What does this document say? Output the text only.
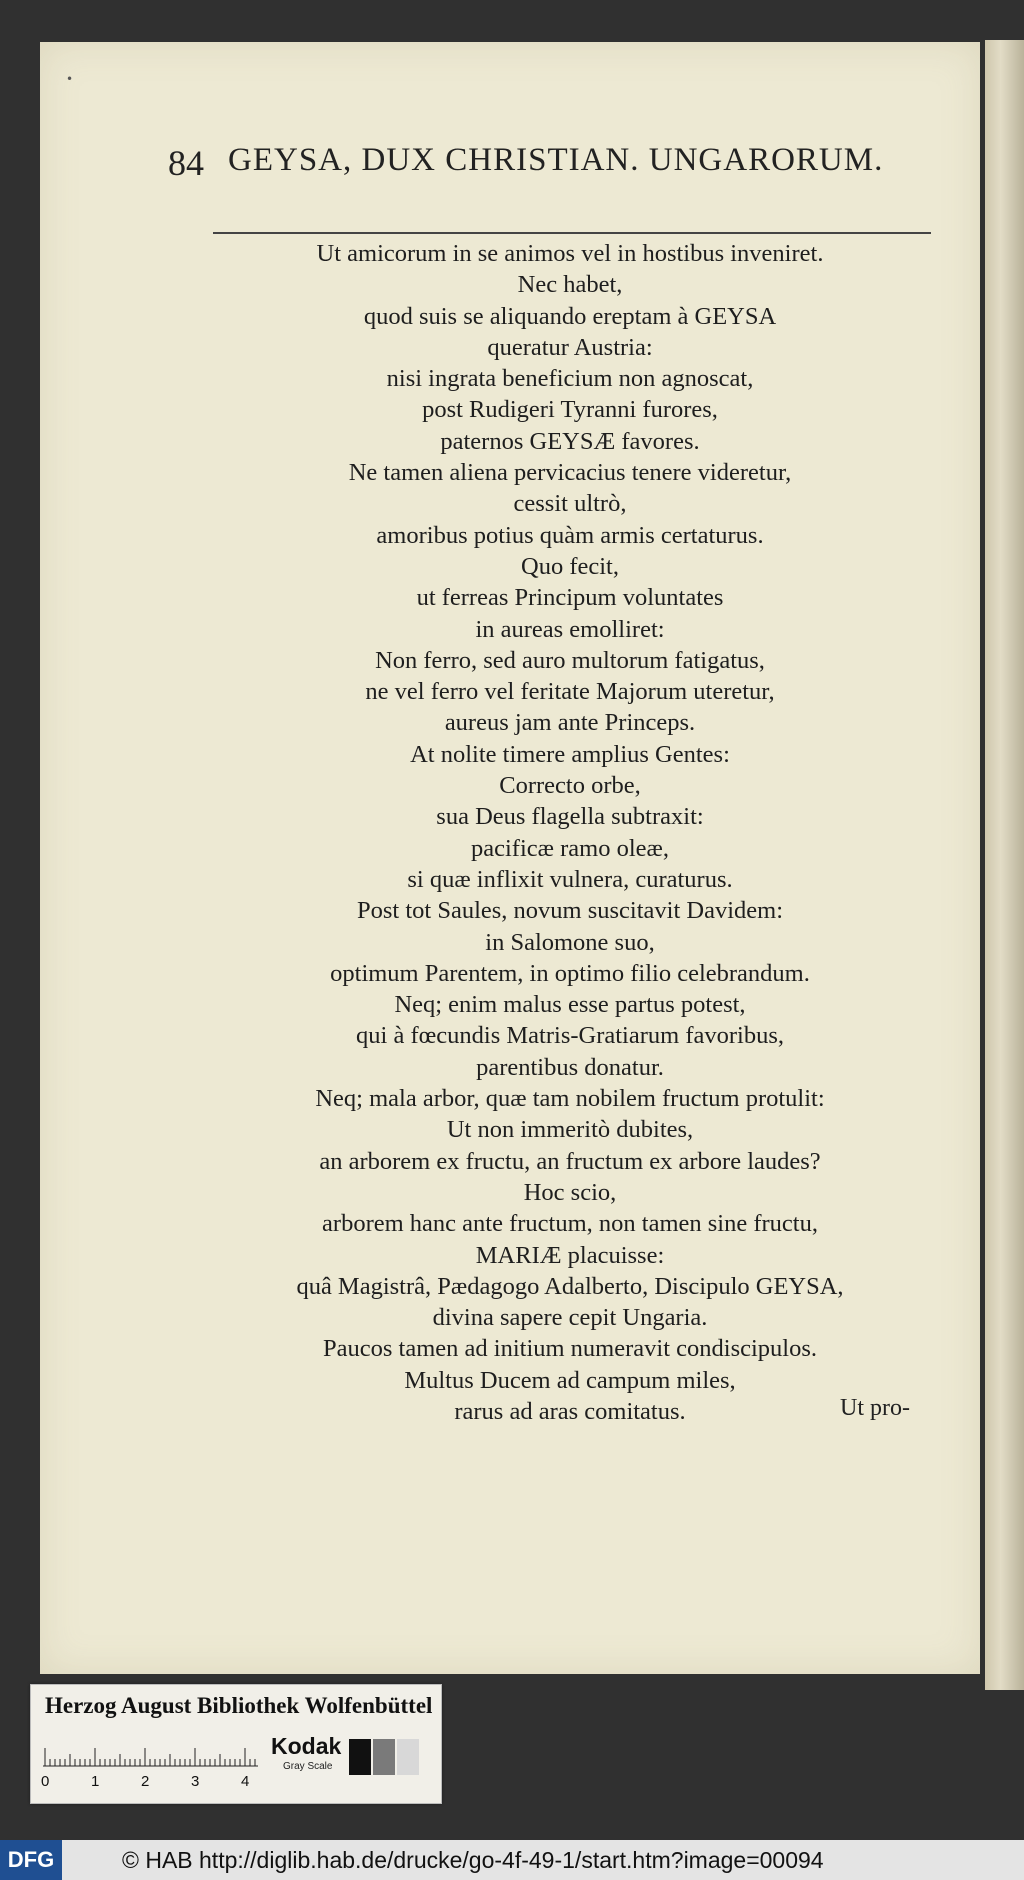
•
84 GEYSA, DUX CHRISTIAN. UNGARORUM.
Ut amicorum in se animos vel in hostibus inveniret.
Nec habet,
quod suis se aliquando ereptam à GEYSA
queratur Austria:
nisi ingrata beneficium non agnoscat,
post Rudigeri Tyranni furores,
paternos GEYSÆ favores.
Ne tamen aliena pervicacius tenere videretur,
cessit ultrò,
amoribus potius quàm armis certaturus.
Quo fecit,
ut ferreas Principum voluntates
in aureas emolliret:
Non ferro, sed auro multorum fatigatus,
ne vel ferro vel feritate Majorum uteretur,
aureus jam ante Princeps.
At nolite timere amplius Gentes:
Correcto orbe,
sua Deus flagella subtraxit:
pacificæ ramo oleæ,
si quæ inflixit vulnera, curaturus.
Post tot Saules, novum suscitavit Davidem:
in Salomone suo,
optimum Parentem, in optimo filio celebrandum.
Neq; enim malus esse partus potest,
qui à fœcundis Matris-Gratiarum favoribus,
parentibus donatur.
Neq; mala arbor, quæ tam nobilem fructum protulit:
Ut non immeritò dubites,
an arborem ex fructu, an fructum ex arbore laudes?
Hoc scio,
arborem hanc ante fructum, non tamen sine fructu,
MARIÆ placuisse:
quâ Magistrâ, Pædagogo Adalberto, Discipulo GEYSA,
divina sapere cepit Ungaria.
Paucos tamen ad initium numeravit condiscipulos.
Multus Ducem ad campum miles,
rarus ad aras comitatus.	Ut pro-
Herzog August Bibliothek Wolfenbüttel
0	1	2	3	4
Kodak
Gray Scale
DFG	© HAB http://diglib.hab.de/drucke/go-4f-49-1/start.htm?image=00094
